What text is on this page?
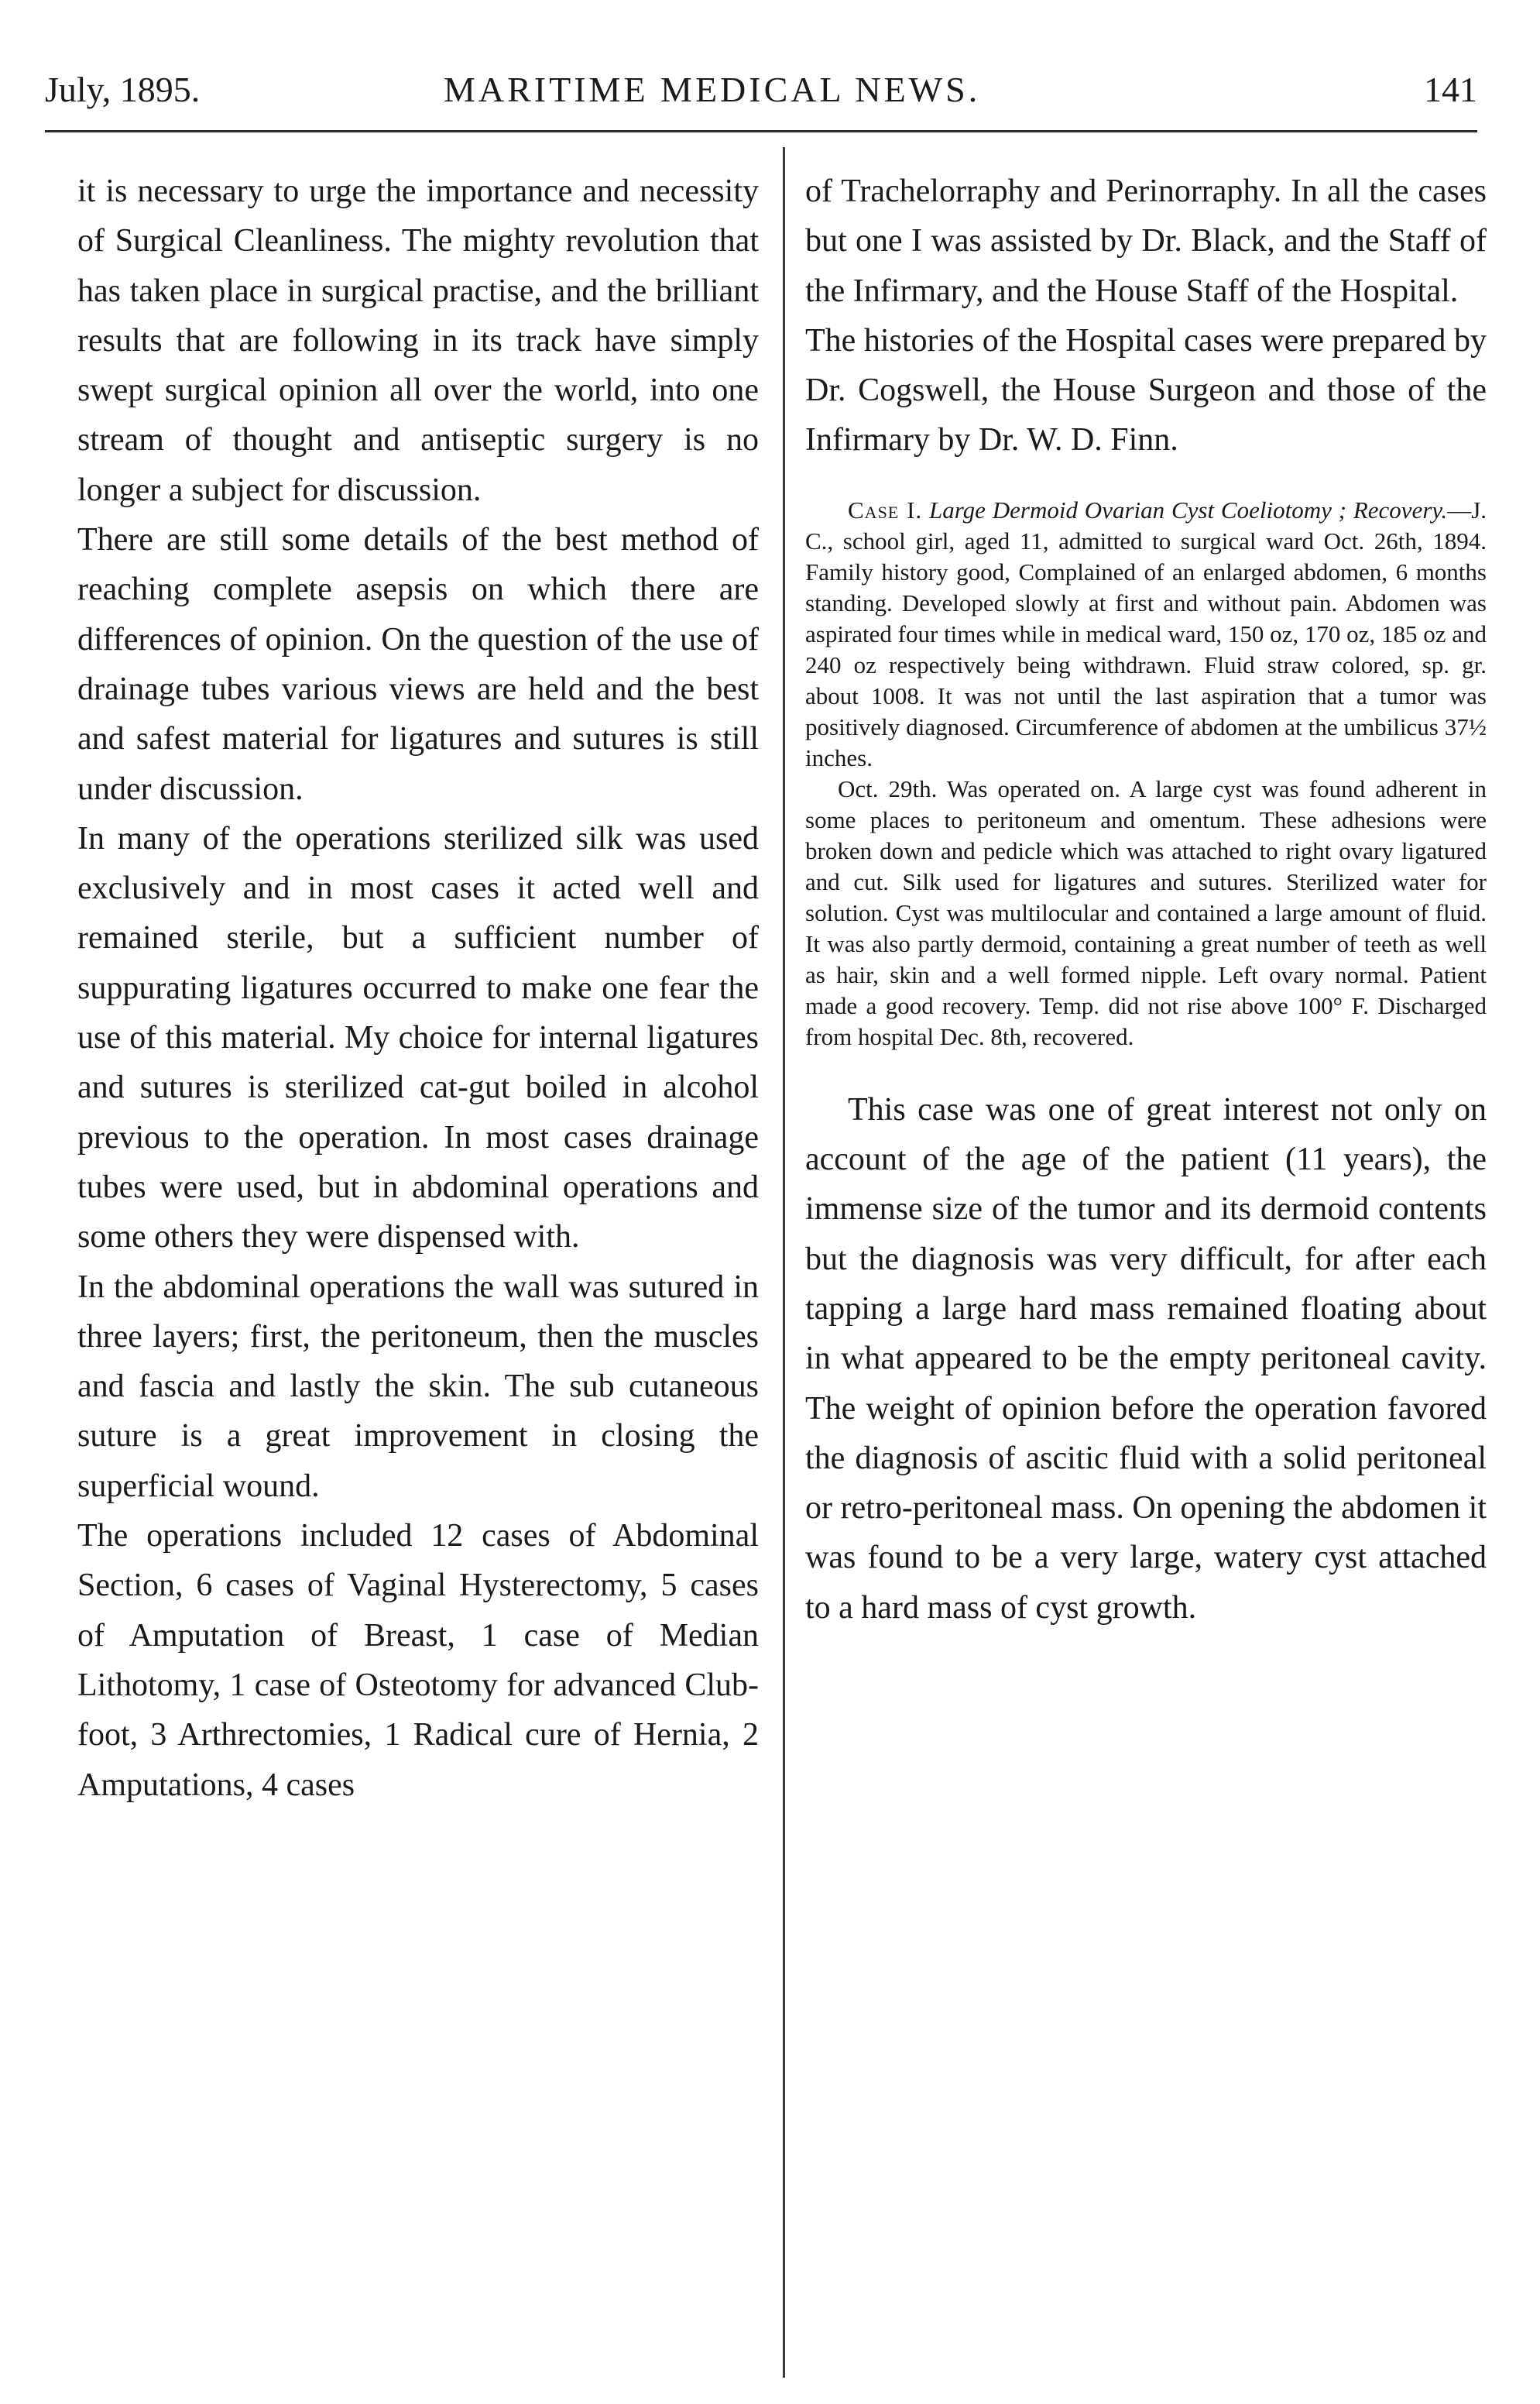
July, 1895.	MARITIME MEDICAL NEWS.	141

it is necessary to urge the importance and necessity of Surgical Cleanliness. The mighty revolution that has taken place in surgical practise, and the brilliant results that are following in its track have simply swept surgical opinion all over the world, into one stream of thought and antiseptic surgery is no longer a subject for discussion.

There are still some details of the best method of reaching complete asepsis on which there are differences of opinion. On the question of the use of drainage tubes various views are held and the best and safest material for ligatures and sutures is still under discussion.

In many of the operations sterilized silk was used exclusively and in most cases it acted well and remained sterile, but a sufficient number of suppurating ligatures occurred to make one fear the use of this material. My choice for internal ligatures and sutures is sterilized cat-gut boiled in alcohol previous to the operation. In most cases drainage tubes were used, but in abdominal operations and some others they were dispensed with.

In the abdominal operations the wall was sutured in three layers; first, the peritoneum, then the muscles and fascia and lastly the skin. The sub cutaneous suture is a great improvement in closing the superficial wound.

The operations included 12 cases of Abdominal Section, 6 cases of Vaginal Hysterectomy, 5 cases of Amputation of Breast, 1 case of Median Lithotomy, 1 case of Osteotomy for advanced Club-foot, 3 Arthrectomies, 1 Radical cure of Hernia, 2 Amputations, 4 cases

of Trachelorraphy and Perinorraphy. In all the cases but one I was assisted by Dr. Black, and the Staff of the Infirmary, and the House Staff of the Hospital.

The histories of the Hospital cases were prepared by Dr. Cogswell, the House Surgeon and those of the Infirmary by Dr. W. D. Finn.

Case I. Large Dermoid Ovarian Cyst Coeliotomy ; Recovery.—J. C., school girl, aged 11, admitted to surgical ward Oct. 26th, 1894. Family history good, Complained of an enlarged abdomen, 6 months standing. Developed slowly at first and without pain. Abdomen was aspirated four times while in medical ward, 150 oz, 170 oz, 185 oz and 240 oz respectively being withdrawn. Fluid straw colored, sp. gr. about 1008. It was not until the last aspiration that a tumor was positively diagnosed. Circumference of abdomen at the umbilicus 37½ inches.

Oct. 29th. Was operated on. A large cyst was found adherent in some places to peritoneum and omentum. These adhesions were broken down and pedicle which was attached to right ovary ligatured and cut. Silk used for ligatures and sutures. Sterilized water for solution. Cyst was multilocular and contained a large amount of fluid. It was also partly dermoid, containing a great number of teeth as well as hair, skin and a well formed nipple. Left ovary normal. Patient made a good recovery. Temp. did not rise above 100° F. Discharged from hospital Dec. 8th, recovered.

This case was one of great interest not only on account of the age of the patient (11 years), the immense size of the tumor and its dermoid contents but the diagnosis was very difficult, for after each tapping a large hard mass remained floating about in what appeared to be the empty peritoneal cavity. The weight of opinion before the operation favored the diagnosis of ascitic fluid with a solid peritoneal or retro-peritoneal mass. On opening the abdomen it was found to be a very large, watery cyst attached to a hard mass of cyst growth.
